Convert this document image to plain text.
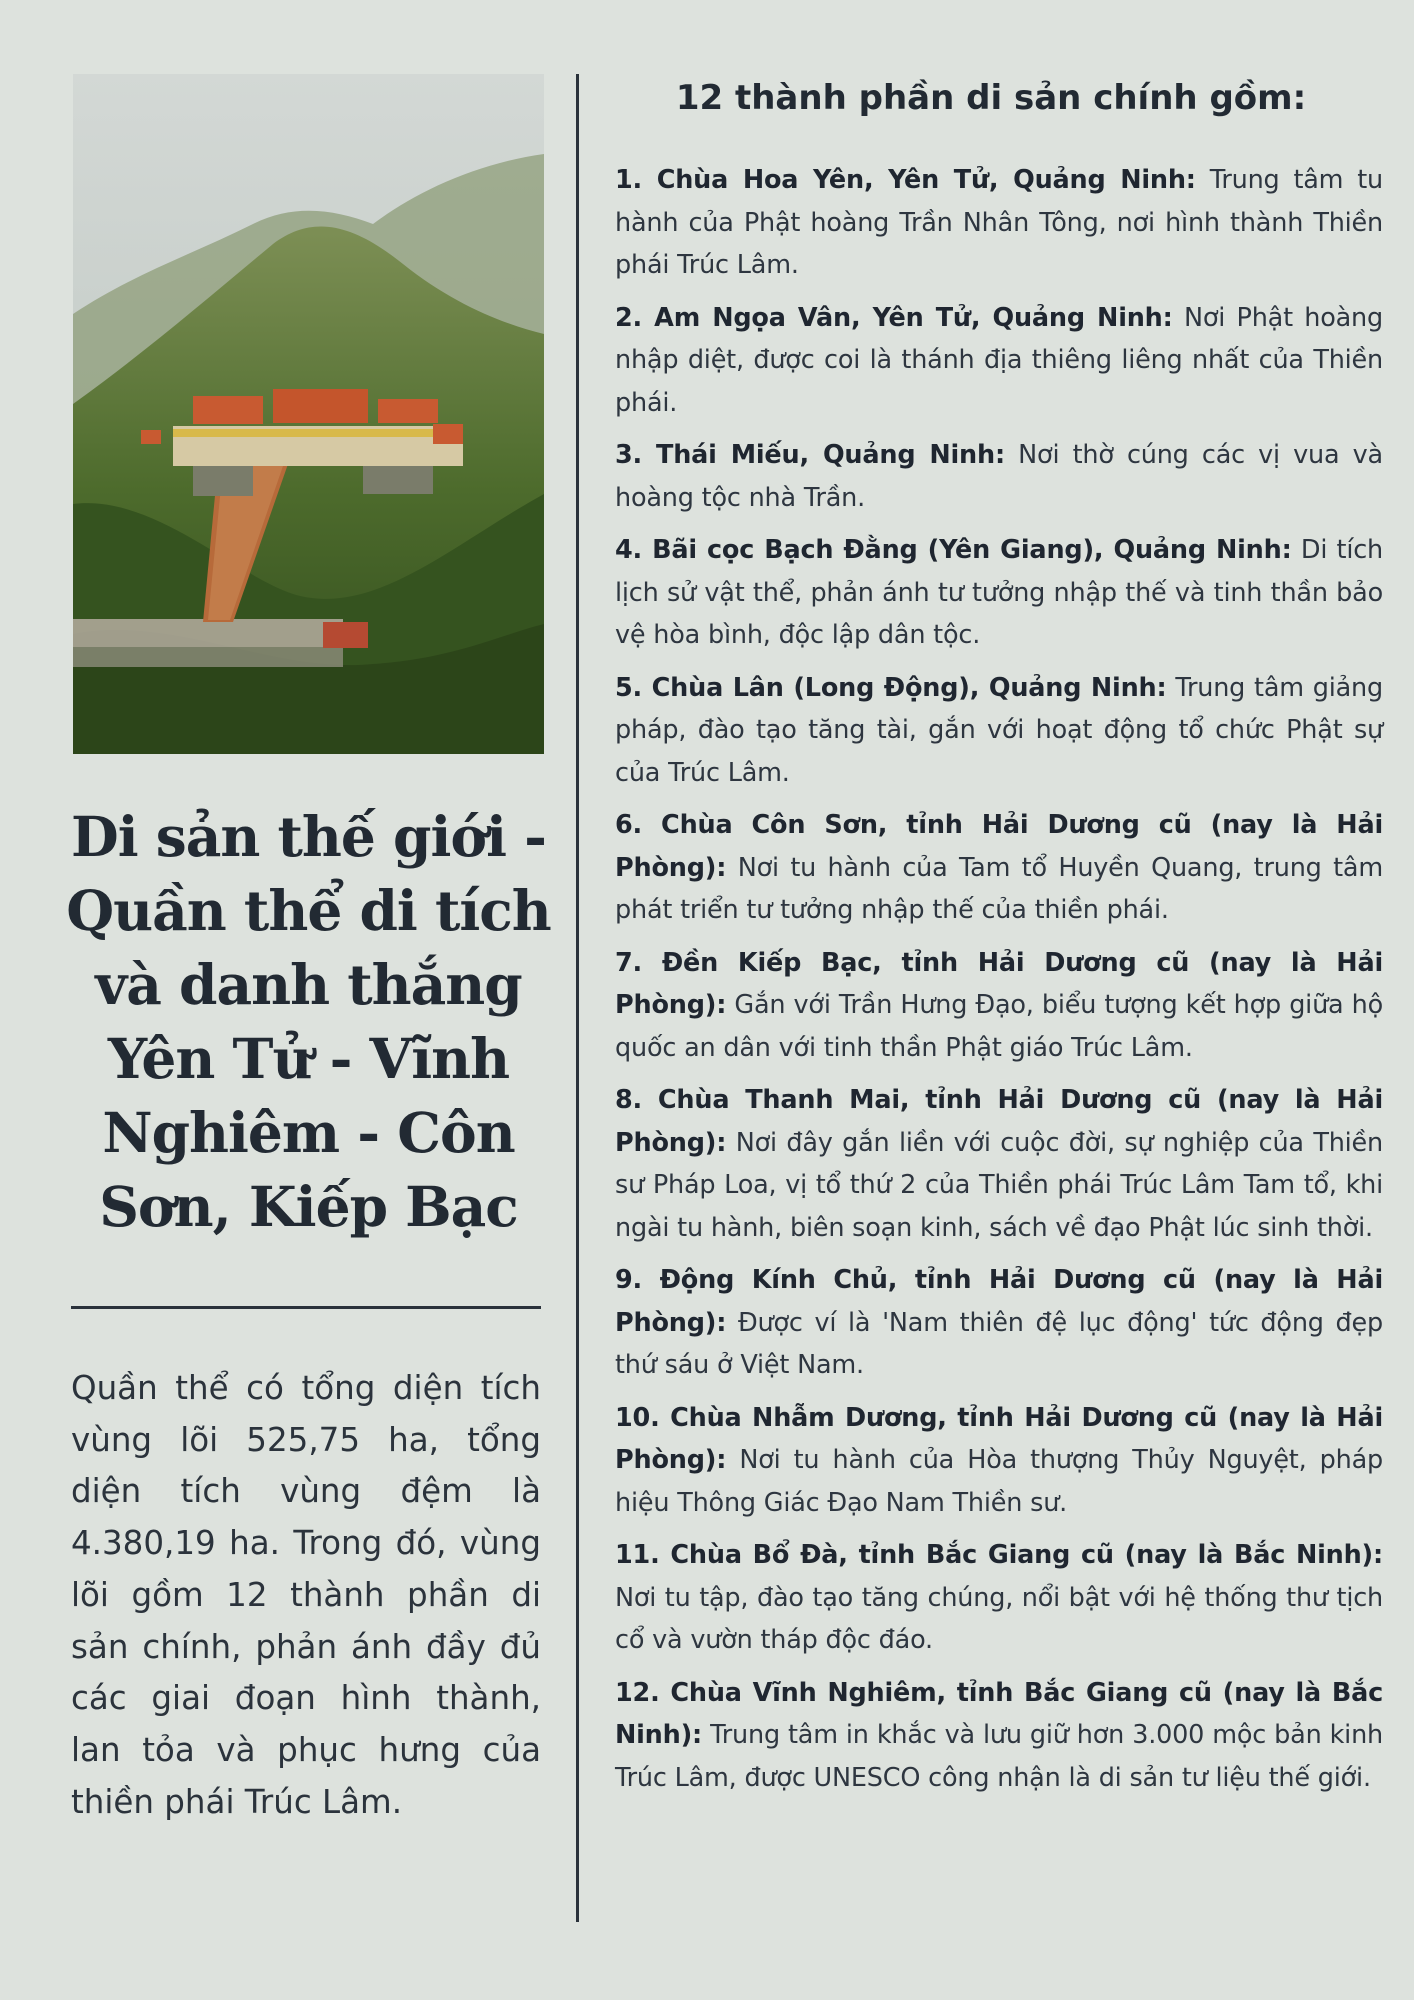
Di sản thế giới - Quần thể di tích và danh thắng Yên Tử - Vĩnh Nghiêm - Côn Sơn, Kiếp Bạc

Quần thể có tổng diện tích vùng lõi 525,75 ha, tổng diện tích vùng đệm là 4.380,19 ha. Trong đó, vùng lõi gồm 12 thành phần di sản chính, phản ánh đầy đủ các giai đoạn hình thành, lan tỏa và phục hưng của thiền phái Trúc Lâm.

12 thành phần di sản chính gồm:

1. Chùa Hoa Yên, Yên Tử, Quảng Ninh: Trung tâm tu hành của Phật hoàng Trần Nhân Tông, nơi hình thành Thiền phái Trúc Lâm.

2. Am Ngọa Vân, Yên Tử, Quảng Ninh: Nơi Phật hoàng nhập diệt, được coi là thánh địa thiêng liêng nhất của Thiền phái.

3. Thái Miếu, Quảng Ninh: Nơi thờ cúng các vị vua và hoàng tộc nhà Trần.

4. Bãi cọc Bạch Đằng (Yên Giang), Quảng Ninh: Di tích lịch sử vật thể, phản ánh tư tưởng nhập thế và tinh thần bảo vệ hòa bình, độc lập dân tộc.

5. Chùa Lân (Long Động), Quảng Ninh: Trung tâm giảng pháp, đào tạo tăng tài, gắn với hoạt động tổ chức Phật sự của Trúc Lâm.

6. Chùa Côn Sơn, tỉnh Hải Dương cũ (nay là Hải Phòng): Nơi tu hành của Tam tổ Huyền Quang, trung tâm phát triển tư tưởng nhập thế của thiền phái.

7. Đền Kiếp Bạc, tỉnh Hải Dương cũ (nay là Hải Phòng): Gắn với Trần Hưng Đạo, biểu tượng kết hợp giữa hộ quốc an dân với tinh thần Phật giáo Trúc Lâm.

8. Chùa Thanh Mai, tỉnh Hải Dương cũ (nay là Hải Phòng): Nơi đây gắn liền với cuộc đời, sự nghiệp của Thiền sư Pháp Loa, vị tổ thứ 2 của Thiền phái Trúc Lâm Tam tổ, khi ngài tu hành, biên soạn kinh, sách về đạo Phật lúc sinh thời.

9. Động Kính Chủ, tỉnh Hải Dương cũ (nay là Hải Phòng): Được ví là 'Nam thiên đệ lục động' tức động đẹp thứ sáu ở Việt Nam.

10. Chùa Nhẫm Dương, tỉnh Hải Dương cũ (nay là Hải Phòng): Nơi tu hành của Hòa thượng Thủy Nguyệt, pháp hiệu Thông Giác Đạo Nam Thiền sư.

11. Chùa Bổ Đà, tỉnh Bắc Giang cũ (nay là Bắc Ninh): Nơi tu tập, đào tạo tăng chúng, nổi bật với hệ thống thư tịch cổ và vườn tháp độc đáo.

12. Chùa Vĩnh Nghiêm, tỉnh Bắc Giang cũ (nay là Bắc Ninh): Trung tâm in khắc và lưu giữ hơn 3.000 mộc bản kinh Trúc Lâm, được UNESCO công nhận là di sản tư liệu thế giới.
